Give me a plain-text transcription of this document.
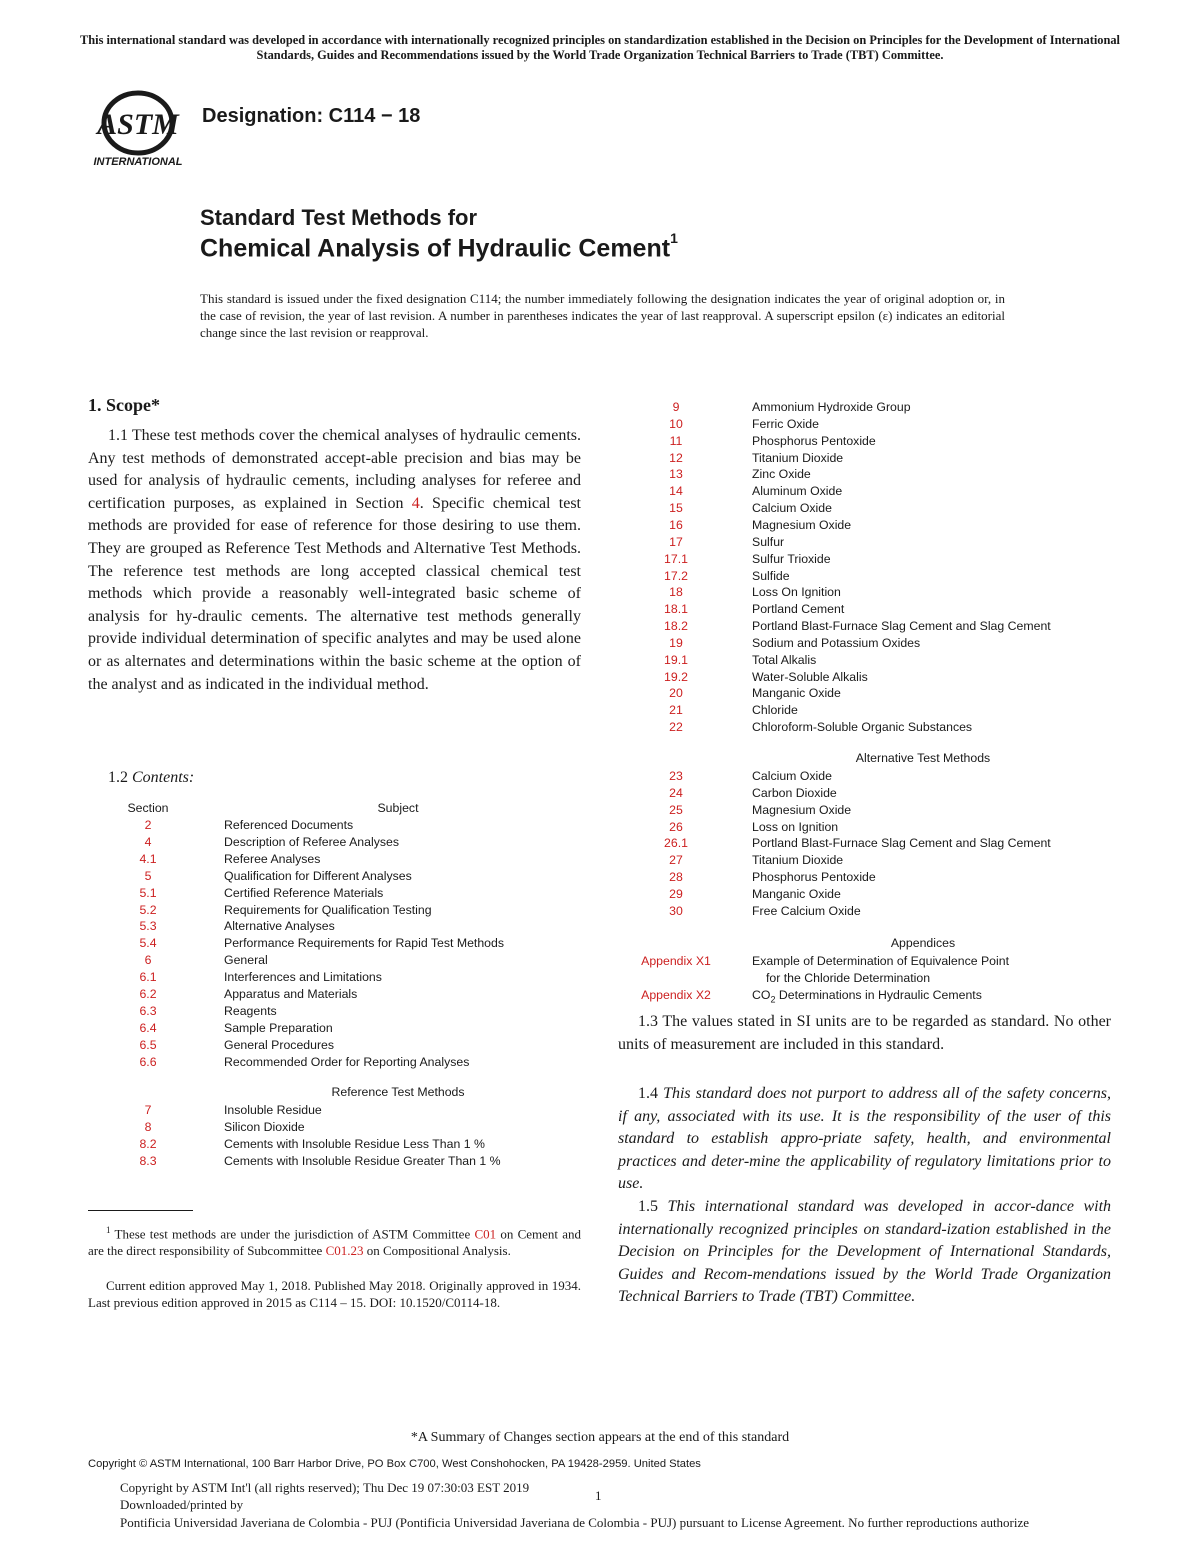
This international standard was developed in accordance with internationally recognized principles on standardization established in the Decision on Principles for the Development of International Standards, Guides and Recommendations issued by the World Trade Organization Technical Barriers to Trade (TBT) Committee.
ASTM
INTERNATIONAL
Designation: C114 − 18
Standard Test Methods for
Chemical Analysis of Hydraulic Cement$^1$
This standard is issued under the fixed designation C114; the number immediately following the designation indicates the year of original adoption or, in the case of revision, the year of last revision. A number in parentheses indicates the year of last reapproval. A superscript epsilon (ε) indicates an editorial change since the last revision or reapproval.
1. Scope*
1.1 These test methods cover the chemical analyses of hydraulic cements. Any test methods of demonstrated accept-able precision and bias may be used for analysis of hydraulic cements, including analyses for referee and certification purposes, as explained in Section 4. Specific chemical test methods are provided for ease of reference for those desiring to use them. They are grouped as Reference Test Methods and Alternative Test Methods. The reference test methods are long accepted classical chemical test methods which provide a reasonably well-integrated basic scheme of analysis for hy-draulic cements. The alternative test methods generally provide individual determination of specific analytes and may be used alone or as alternates and determinations within the basic scheme at the option of the analyst and as indicated in the individual method.
1.2 Contents:
Section	Subject
2	Referenced Documents
4	Description of Referee Analyses
4.1	Referee Analyses
5	Qualification for Different Analyses
5.1	Certified Reference Materials
5.2	Requirements for Qualification Testing
5.3	Alternative Analyses
5.4	Performance Requirements for Rapid Test Methods
6	General
6.1	Interferences and Limitations
6.2	Apparatus and Materials
6.3	Reagents
6.4	Sample Preparation
6.5	General Procedures
6.6	Recommended Order for Reporting Analyses
Reference Test Methods
7	Insoluble Residue
8	Silicon Dioxide
8.2	Cements with Insoluble Residue Less Than 1 %
8.3	Cements with Insoluble Residue Greater Than 1 %
$^1$ These test methods are under the jurisdiction of ASTM Committee C01 on Cement and are the direct responsibility of Subcommittee C01.23 on Compositional Analysis.
Current edition approved May 1, 2018. Published May 2018. Originally approved in 1934. Last previous edition approved in 2015 as C114 – 15. DOI: 10.1520/C0114-18.
9	Ammonium Hydroxide Group
10	Ferric Oxide
11	Phosphorus Pentoxide
12	Titanium Dioxide
13	Zinc Oxide
14	Aluminum Oxide
15	Calcium Oxide
16	Magnesium Oxide
17	Sulfur
17.1	Sulfur Trioxide
17.2	Sulfide
18	Loss On Ignition
18.1	Portland Cement
18.2	Portland Blast-Furnace Slag Cement and Slag Cement
19	Sodium and Potassium Oxides
19.1	Total Alkalis
19.2	Water-Soluble Alkalis
20	Manganic Oxide
21	Chloride
22	Chloroform-Soluble Organic Substances
Alternative Test Methods
23	Calcium Oxide
24	Carbon Dioxide
25	Magnesium Oxide
26	Loss on Ignition
26.1	Portland Blast-Furnace Slag Cement and Slag Cement
27	Titanium Dioxide
28	Phosphorus Pentoxide
29	Manganic Oxide
30	Free Calcium Oxide
Appendices
Appendix X1	Example of Determination of Equivalence Point
for the Chloride Determination
Appendix X2	$CO_2$ Determinations in Hydraulic Cements
1.3 The values stated in SI units are to be regarded as standard. No other units of measurement are included in this standard.
1.4 This standard does not purport to address all of the safety concerns, if any, associated with its use. It is the responsibility of the user of this standard to establish appro-priate safety, health, and environmental practices and deter-mine the applicability of regulatory limitations prior to use.
1.5 This international standard was developed in accor-dance with internationally recognized principles on standard-ization established in the Decision on Principles for the Development of International Standards, Guides and Recom-mendations issued by the World Trade Organization Technical Barriers to Trade (TBT) Committee.
*A Summary of Changes section appears at the end of this standard
Copyright © ASTM International, 100 Barr Harbor Drive, PO Box C700, West Conshohocken, PA 19428-2959. United States
Copyright by ASTM Int'l (all rights reserved); Thu Dec 19 07:30:03 EST 2019
1
Downloaded/printed by
Pontificia Universidad Javeriana de Colombia - PUJ (Pontificia Universidad Javeriana de Colombia - PUJ) pursuant to License Agreement. No further reproductions authorize
